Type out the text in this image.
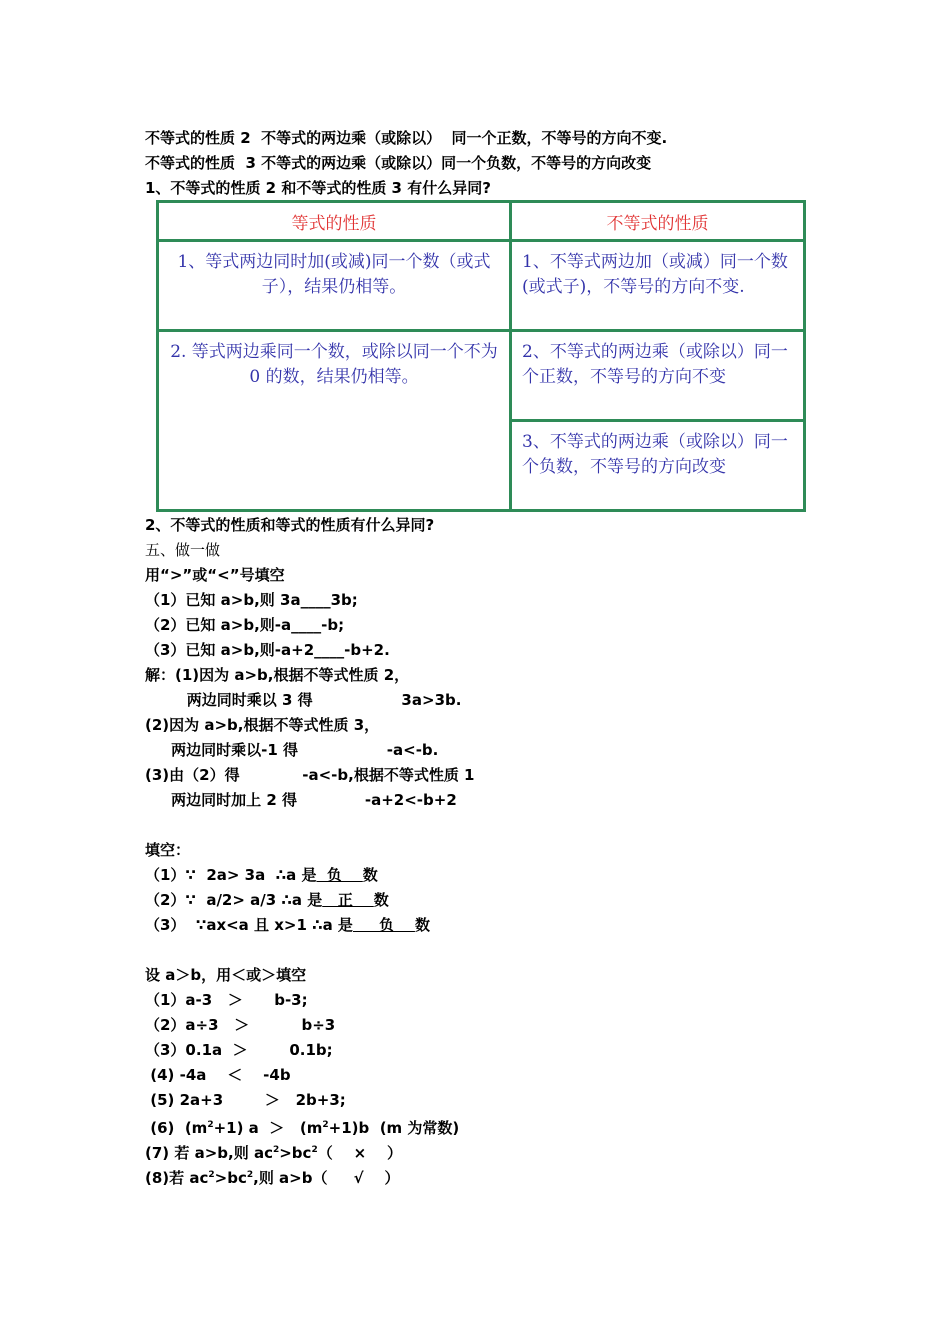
不等式的性质 2  不等式的两边乘（或除以）  同一个正数，不等号的方向不变.
不等式的性质  3 不等式的两边乘（或除以）同一个负数，不等号的方向改变
1、不等式的性质 2 和不等式的性质 3 有什么异同?
等式的性质	不等式的性质
1、等式两边同时加(或减)同一个数（或式子），结果仍相等。	1、不等式两边加（或减）同一个数(或式子)，不等号的方向不变.
2. 等式两边乘同一个数，或除以同一个不为 0 的数，结果仍相等。	2、不等式的两边乘（或除以）同一个正数，不等号的方向不变
	3、不等式的两边乘（或除以）同一个负数，不等号的方向改变
2、不等式的性质和等式的性质有什么异同?
五、做一做
用“>”或“<”号填空
（1）已知 a>b,则 3a____3b;
（2）已知 a>b,则-a____-b;
（3）已知 a>b,则-a+2____-b+2.
解：(1)因为 a>b,根据不等式性质 2，
两边同时乘以 3 得                 3a>3b.
(2)因为 a>b,根据不等式性质 3，
两边同时乘以-1 得                 -a<-b.
(3)由（2）得            -a<-b,根据不等式性质 1
两边同时加上 2 得             -a+2<-b+2
填空：
（1）∵  2a> 3a  ∴a 是  负    数
（2）∵  a/2> a/3 ∴a 是   正    数
（3）  ∵ax<a 且 x>1 ∴a 是     负    数
设 a＞b，用＜或＞填空
（1）a-3   ＞      b-3;
（2）a÷3   ＞          b÷3
（3）0.1a  ＞        0.1b;
(4) -4a    ＜    -4b
(5) 2a+3        ＞   2b+3;
(6)  $(m^2+1) a > (m^2+1)b$  (m 为常数)
(7) 若 a>b,则 $ac^2>bc^2$（    ×    ）
(8)若 $ac^2>bc^2$,则 a>b（     √    ）
